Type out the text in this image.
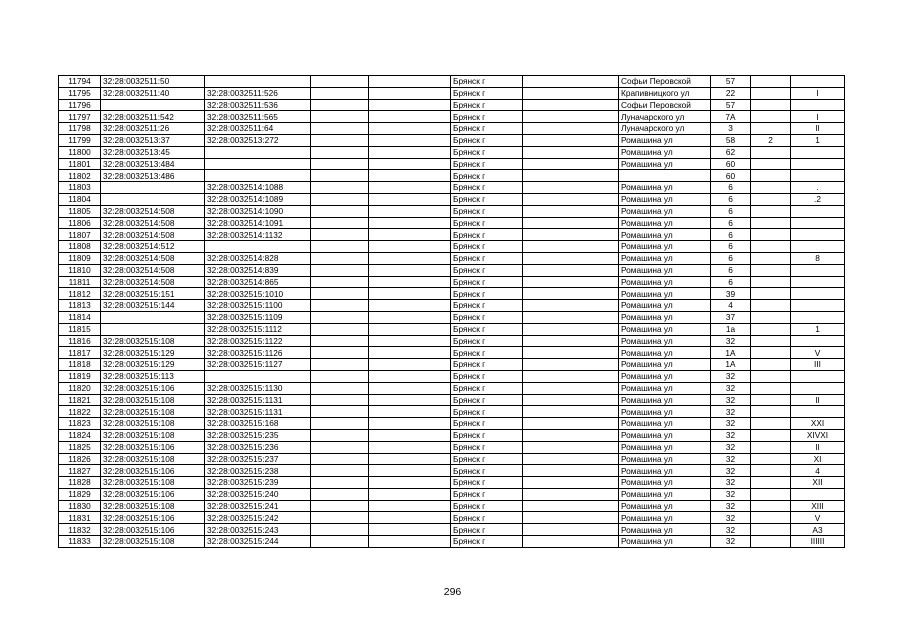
11794	32:28:0032511:50				Брянск г		Софьи Перовской	57		
11795	32:28:0032511:40	32:28:0032511:526			Брянск г		Крапивницкого ул	22		I
11796		32:28:0032511:536			Брянск г		Софьи Перовской	57		
11797	32:28:0032511:542	32:28:0032511:565			Брянск г		Луначарского ул	7А		I
11798	32:28:0032511:26	32:28:0032511:64			Брянск г		Луначарского ул	3		II
11799	32:28:0032513:37	32:28:0032513:272			Брянск г		Ромашина ул	58	2	1
11800	32:28:0032513:45				Брянск г		Ромашина ул	62		
11801	32:28:0032513:484				Брянск г		Ромашина ул	60		
11802	32:28:0032513:486				Брянск г			60		
11803		32:28:0032514:1088			Брянск г		Ромашина ул	6		.
11804		32:28:0032514:1089			Брянск г		Ромашина ул	6		.2
11805	32:28:0032514:508	32:28:0032514:1090			Брянск г		Ромашина ул	6		
11806	32:28:0032514:508	32:28:0032514:1091			Брянск г		Ромашина ул	6		
11807	32:28:0032514:508	32:28:0032514:1132			Брянск г		Ромашина ул	6		
11808	32:28:0032514:512				Брянск г		Ромашина ул	6		
11809	32:28:0032514:508	32:28:0032514:828			Брянск г		Ромашина ул	6		8
11810	32:28:0032514:508	32:28:0032514:839			Брянск г		Ромашина ул	6		
11811	32:28:0032514:508	32:28:0032514:865			Брянск г		Ромашина ул	6		
11812	32:28:0032515:151	32:28:0032515:1010			Брянск г		Ромашина ул	39		
11813	32:28:0032515:144	32:28:0032515:1100			Брянск г		Ромашина ул	4		
11814		32:28:0032515:1109			Брянск г		Ромашина ул	37		
11815		32:28:0032515:1112			Брянск г		Ромашина ул	1а		1
11816	32:28:0032515:108	32:28:0032515:1122			Брянск г		Ромашина ул	32		
11817	32:28:0032515:129	32:28:0032515:1126			Брянск г		Ромашина ул	1А		V
11818	32:28:0032515:129	32:28:0032515:1127			Брянск г		Ромашина ул	1А		III
11819	32:28:0032515:113				Брянск г		Ромашина ул	32		
11820	32:28:0032515:106	32:28:0032515:1130			Брянск г		Ромашина ул	32		
11821	32:28:0032515:108	32:28:0032515:1131			Брянск г		Ромашина ул	32		II
11822	32:28:0032515:108	32:28:0032515:1131			Брянск г		Ромашина ул	32		
11823	32:28:0032515:108	32:28:0032515:168			Брянск г		Ромашина ул	32		XXI
11824	32:28:0032515:108	32:28:0032515:235			Брянск г		Ромашина ул	32		XIVXI
11825	32:28:0032515:106	32:28:0032515:236			Брянск г		Ромашина ул	32		II
11826	32:28:0032515:108	32:28:0032515:237			Брянск г		Ромашина ул	32		XI
11827	32:28:0032515:106	32:28:0032515:238			Брянск г		Ромашина ул	32		4
11828	32:28:0032515:108	32:28:0032515:239			Брянск г		Ромашина ул	32		XII
11829	32:28:0032515:106	32:28:0032515:240			Брянск г		Ромашина ул	32		
11830	32:28:0032515:108	32:28:0032515:241			Брянск г		Ромашина ул	32		XIII
11831	32:28:0032515:106	32:28:0032515:242			Брянск г		Ромашина ул	32		V
11832	32:28:0032515:106	32:28:0032515:243			Брянск г		Ромашина ул	32		А3
11833	32:28:0032515:108	32:28:0032515:244			Брянск г		Ромашина ул	32		IIIIII
296
